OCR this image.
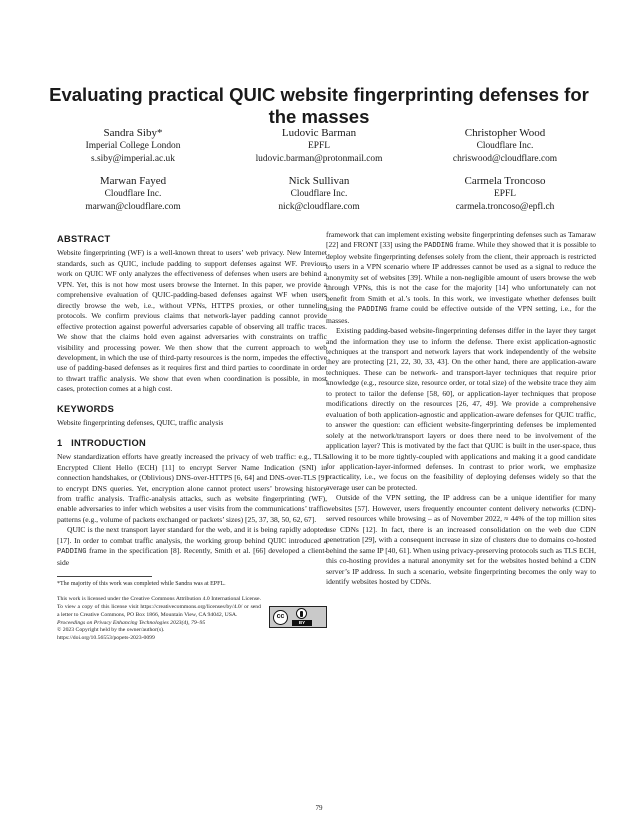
Evaluating practical QUIC website fingerprinting defenses for the masses
Sandra Siby*
Imperial College London
s.siby@imperial.ac.uk
Ludovic Barman
EPFL
ludovic.barman@protonmail.com
Christopher Wood
Cloudflare Inc.
chriswood@cloudflare.com
Marwan Fayed
Cloudflare Inc.
marwan@cloudflare.com
Nick Sullivan
Cloudflare Inc.
nick@cloudflare.com
Carmela Troncoso
EPFL
carmela.troncoso@epfl.ch
ABSTRACT

Website fingerprinting (WF) is a well-known threat to users’ web privacy. New Internet standards, such as QUIC, include padding to support defenses against WF. Previous work on QUIC WF only analyzes the effectiveness of defenses when users are behind a VPN. Yet, this is not how most users browse the Internet. In this paper, we provide a comprehensive evaluation of QUIC-padding-based defenses against WF when users directly browse the web, i.e., without VPNs, HTTPS proxies, or other tunneling protocols. We confirm previous claims that network-layer padding cannot provide effective protection against powerful adversaries capable of observing all traffic traces. We show that the claims hold even against adversaries with constraints on traffic visibility and processing power. We then show that the current approach to web development, in which the use of third-party resources is the norm, impedes the effective use of padding-based defenses as it requires first and third parties to coordinate in order to thwart traffic analysis. We show that even when coordination is possible, in most cases, protection comes at a high cost.

KEYWORDS

Website fingerprinting defenses, QUIC, traffic analysis

1   INTRODUCTION

New standardization efforts have greatly increased the privacy of web traffic: e.g., TLS Encrypted Client Hello (ECH) [11] to encrypt Server Name Indication (SNI) in connection handshakes, or (Oblivious) DNS-over-HTTPS [6, 64] and DNS-over-TLS [9] to encrypt DNS queries. Yet, encryption alone cannot protect users’ browsing history from traffic analysis. Traffic-analysis attacks, such as website fingerprinting (WF), enable adversaries to infer which websites a user visits from the communications’ traffic patterns (e.g., volume of packets exchanged or packets’ sizes) [25, 37, 38, 50, 62, 67].

QUIC is the next transport layer standard for the web, and it is being rapidly adopted [17]. In order to combat traffic analysis, the working group behind QUIC introduced a PADDING frame in the specification [8]. Recently, Smith et al. [66] developed a client-side

*The majority of this work was completed while Sandra was at EPFL.
This work is licensed under the Creative Commons Attribution 4.0 International License. To view a copy of this license visit https://creativecommons.org/licenses/by/4.0/ or send a letter to Creative Commons, PO Box 1866, Mountain View, CA 94042, USA.
Proceedings on Privacy Enhancing Technologies 2023(4), 79–95
© 2023 Copyright held by the owner/author(s).
https://doi.org/10.56553/popets-2023-0099
cc
BY

framework that can implement existing website fingerprinting defenses such as Tamaraw [22] and FRONT [33] using the PADDING frame. While they showed that it is possible to deploy website fingerprinting defenses solely from the client, their approach is restricted to users in a VPN scenario where IP addresses cannot be used as a signal to reduce the anonymity set of websites [39]. While a non-negligible amount of users browse the web through VPNs, this is not the case for the majority [14] who unfortunately can not benefit from Smith et al.’s tools. In this work, we investigate whether defenses built using the PADDING frame could be effective outside of the VPN setting, i.e., for the masses.

Existing padding-based website-fingerprinting defenses differ in the layer they target and the information they use to inform the defense. There exist application-agnostic techniques at the transport and network layers that work independently of the website they are protecting [21, 22, 30, 33, 43]. On the other hand, there are application-aware techniques. These can be network- and transport-layer techniques that require prior knowledge (e.g., resource size, resource order, or total size) of the website trace they aim to protect to tailor the defense [58, 60], or application-layer techniques that propose modifications directly on the resources [26, 47, 49]. We provide a comprehensive evaluation of both application-agnostic and application-aware defenses for QUIC traffic, to answer the question: can efficient website-fingerprinting defenses be implemented solely at the network/transport layers or does there need to be involvement of the application layer? This is motivated by the fact that QUIC is built in the user-space, thus allowing it to be more tightly-coupled with applications and making it a good candidate for application-layer-informed defenses. In contrast to prior work, we emphasize practicality, i.e., we focus on the feasibility of deploying defenses widely so that the average user can be protected.

Outside of the VPN setting, the IP address can be a unique identifier for many websites [57]. However, users frequently encounter content delivery networks (CDN)-served resources while browsing – as of November 2022, ≈ 44% of the top million sites use CDNs [12]. In fact, there is an increased consolidation on the web due CDN penetration [29], with a consequent increase in size of clusters due to domains co-hosted behind the same IP [40, 61]. When using privacy-preserving protocols such as TLS ECH, this co-hosting provides a natural anonymity set for the websites hosted behind a CDN server’s IP address. In such a scenario, website fingerprinting becomes the only way to identify websites hosted by CDNs.

79
